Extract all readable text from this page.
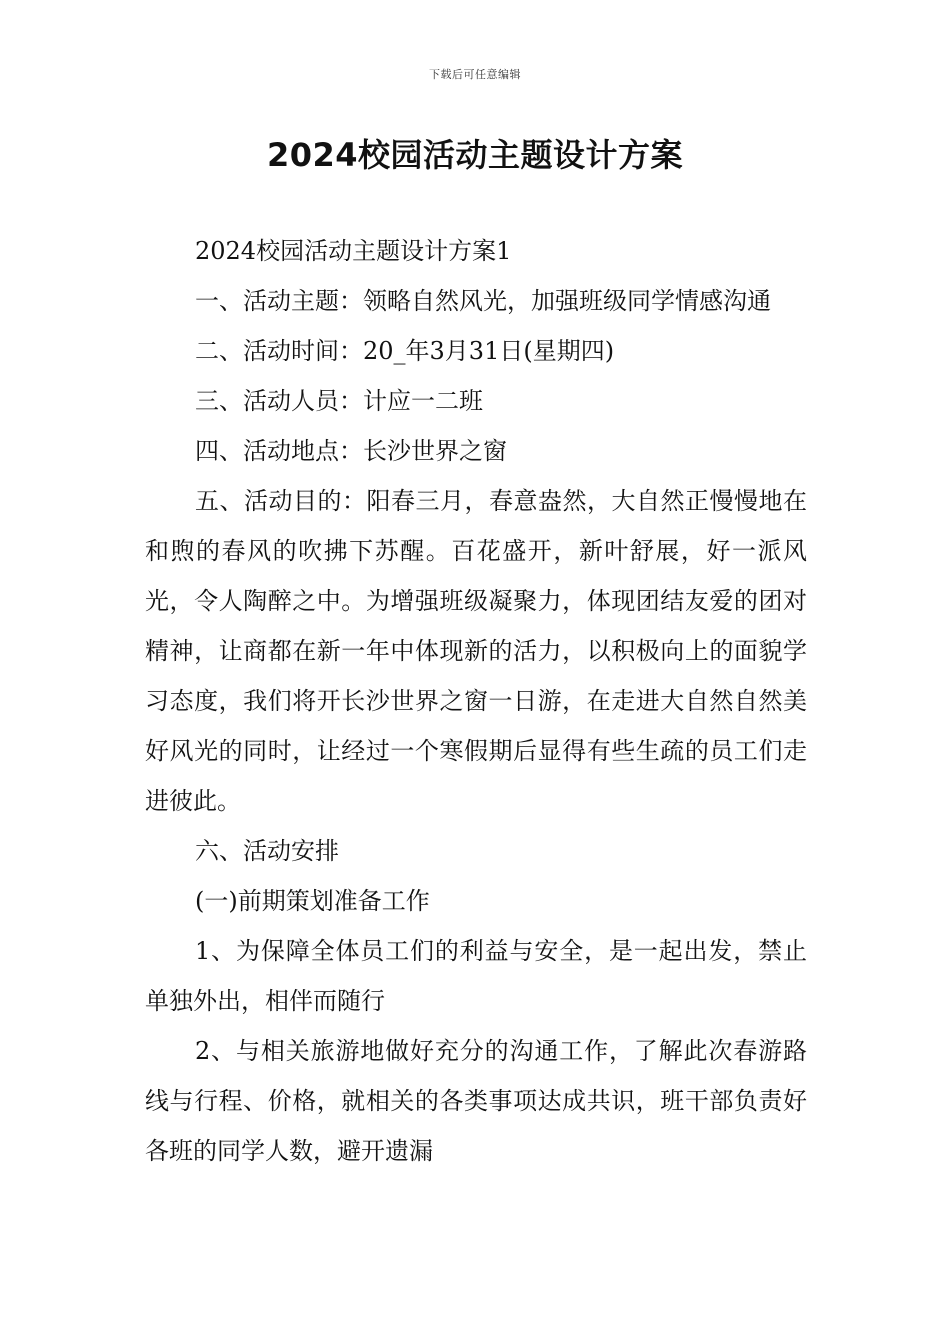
下载后可任意编辑
2024校园活动主题设计方案

2024校园活动主题设计方案1

一、活动主题：领略自然风光，加强班级同学情感沟通

二、活动时间：20_年3月31日(星期四)

三、活动人员：计应一二班

四、活动地点：长沙世界之窗

五、活动目的：阳春三月，春意盎然，大自然正慢慢地在和煦的春风的吹拂下苏醒。百花盛开，新叶舒展，好一派风光，令人陶醉之中。为增强班级凝聚力，体现团结友爱的团对精神，让商都在新一年中体现新的活力，以积极向上的面貌学习态度，我们将开长沙世界之窗一日游，在走进大自然自然美好风光的同时，让经过一个寒假期后显得有些生疏的员工们走进彼此。

六、活动安排

(一)前期策划准备工作

1、为保障全体员工们的利益与安全，是一起出发，禁止单独外出，相伴而随行

2、与相关旅游地做好充分的沟通工作，了解此次春游路线与行程、价格，就相关的各类事项达成共识，班干部负责好各班的同学人数，避开遗漏
